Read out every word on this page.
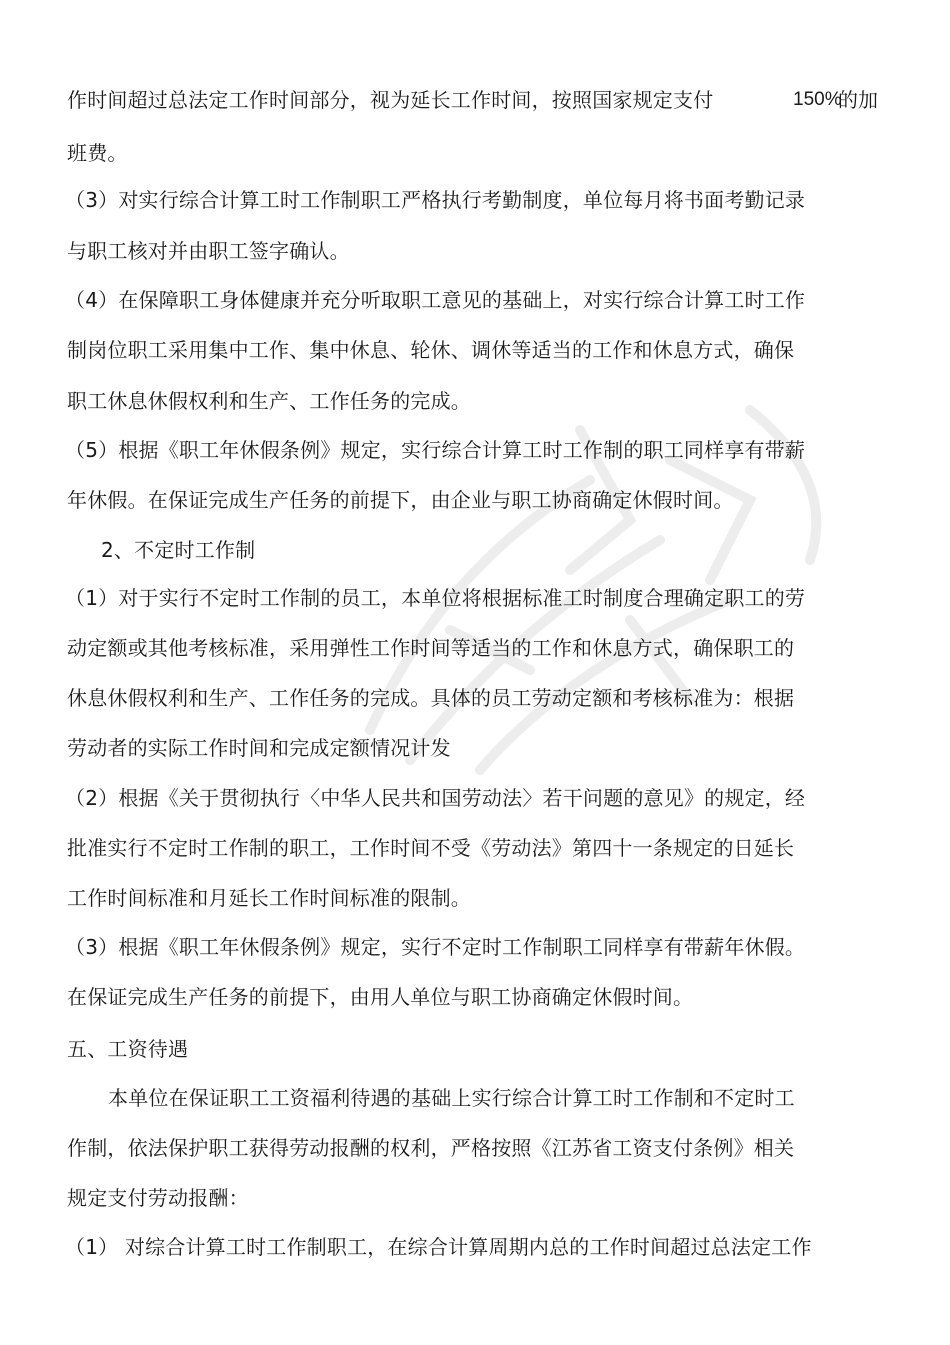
作时间超过总法定工作时间部分，视为延长工作时间，按照国家规定支付	150%
的加
班费。
（3）对实行综合计算工时工作制职工严格执行考勤制度，单位每月将书面考勤记录
与职工核对并由职工签字确认。
（4）在保障职工身体健康并充分听取职工意见的基础上，对实行综合计算工时工作
制岗位职工采用集中工作、集中休息、轮休、调休等适当的工作和休息方式，确保
职工休息休假权利和生产、工作任务的完成。
（5）根据《职工年休假条例》规定，实行综合计算工时工作制的职工同样享有带薪
年休假。在保证完成生产任务的前提下，由企业与职工协商确定休假时间。
2、不定时工作制
（1）对于实行不定时工作制的员工，本单位将根据标准工时制度合理确定职工的劳
动定额或其他考核标准，采用弹性工作时间等适当的工作和休息方式，确保职工的
休息休假权利和生产、工作任务的完成。具体的员工劳动定额和考核标准为：根据
劳动者的实际工作时间和完成定额情况计发
（2）根据《关于贯彻执行〈中华人民共和国劳动法〉若干问题的意见》的规定，经
批准实行不定时工作制的职工，工作时间不受《劳动法》第四十一条规定的日延长
工作时间标准和月延长工作时间标准的限制。
（3）根据《职工年休假条例》规定，实行不定时工作制职工同样享有带薪年休假。
在保证完成生产任务的前提下，由用人单位与职工协商确定休假时间。
五、工资待遇
本单位在保证职工工资福利待遇的基础上实行综合计算工时工作制和不定时工
作制，依法保护职工获得劳动报酬的权利，严格按照《江苏省工资支付条例》相关
规定支付劳动报酬：
（1） 对综合计算工时工作制职工，在综合计算周期内总的工作时间超过总法定工作
